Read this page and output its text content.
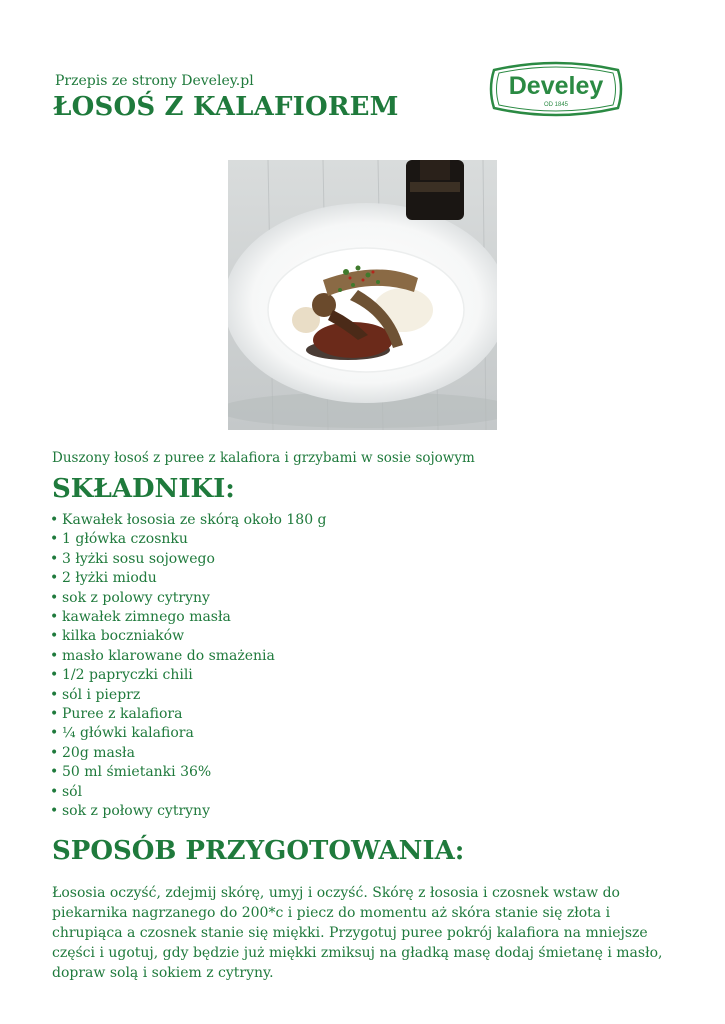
Przepis ze strony Develey.pl
ŁOSOŚ Z KALAFIOREM
Develey
OD 1845
Duszony łosoś z puree z kalafiora i grzybami w sosie sojowym
SKŁADNIKI:
• Kawałek łososia ze skórą około 180 g
• 1 główka czosnku
• 3 łyżki sosu sojowego
• 2 łyżki miodu
• sok z polowy cytryny
• kawałek zimnego masła
• kilka boczniaków
• masło klarowane do smażenia
• 1/2 papryczki chili
• sól i pieprz
• Puree z kalafiora
• ¼ główki kalafiora
• 20g masła
• 50 ml śmietanki 36%
• sól
• sok z połowy cytryny
SPOSÓB PRZYGOTOWANIA:

Łososia oczyść, zdejmij skórę, umyj i oczyść. Skórę z łososia i czosnek wstaw do piekarnika nagrzanego do 200*c i piecz do momentu aż skóra stanie się złota i chrupiąca a czosnek stanie się miękki. Przygotuj puree pokrój kalafiora na mniejsze części i ugotuj, gdy będzie już miękki zmiksuj na gładką masę dodaj śmietanę i masło, dopraw solą i sokiem z cytryny.
